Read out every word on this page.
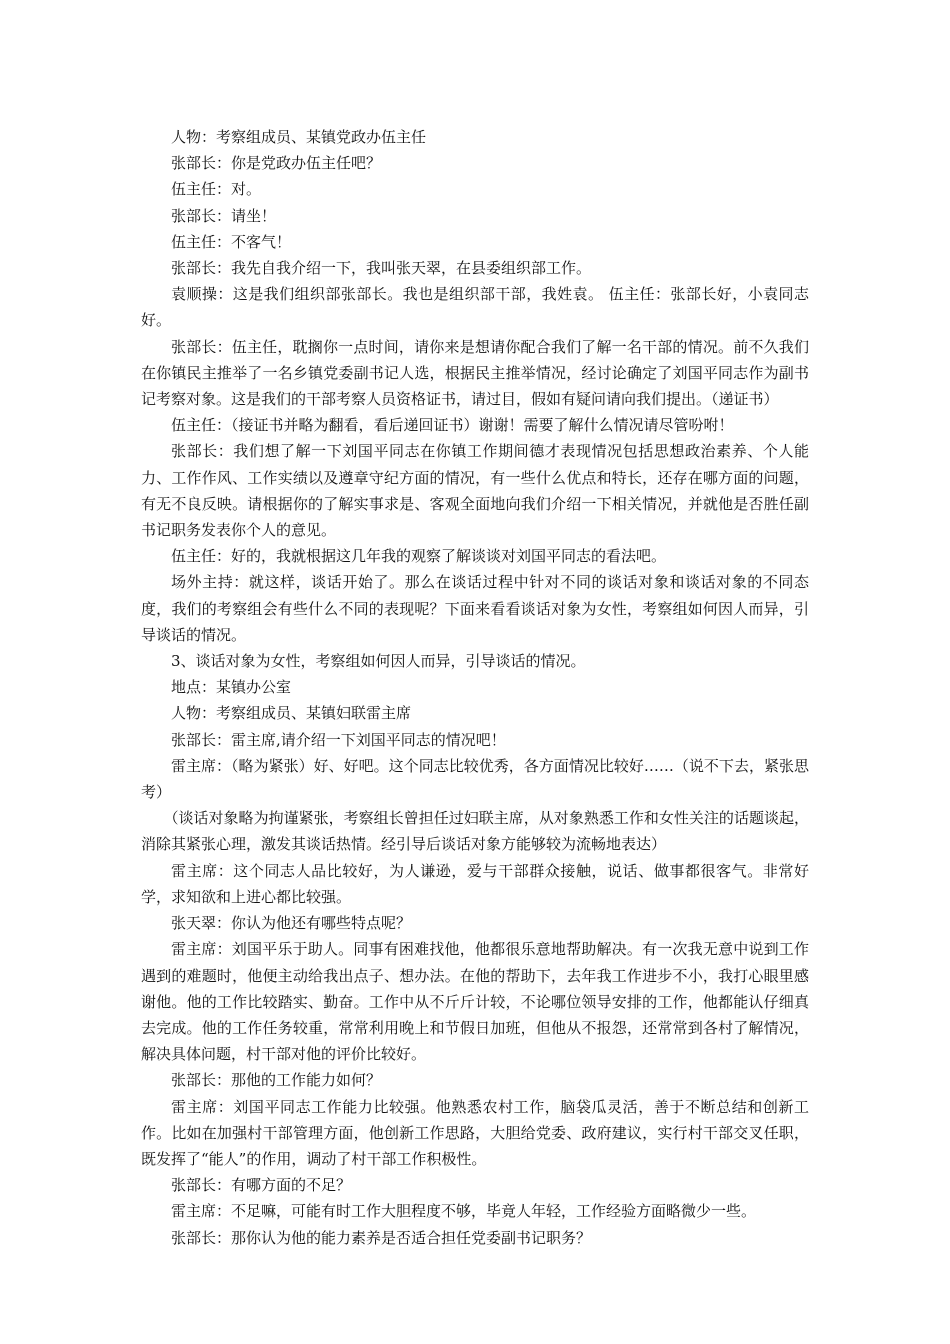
人物：考察组成员、某镇党政办伍主任

张部长：你是党政办伍主任吧？

伍主任：对。

张部长：请坐！

伍主任：不客气！

张部长：我先自我介绍一下，我叫张天翠，在县委组织部工作。

袁顺操：这是我们组织部张部长。我也是组织部干部，我姓袁。 伍主任：张部长好，小袁同志好。

张部长：伍主任，耽搁你一点时间，请你来是想请你配合我们了解一名干部的情况。前不久我们在你镇民主推举了一名乡镇党委副书记人选，根据民主推举情况，经讨论确定了刘国平同志作为副书记考察对象。这是我们的干部考察人员资格证书，请过目，假如有疑问请向我们提出。（递证书）

伍主任：（接证书并略为翻看，看后递回证书）谢谢！需要了解什么情况请尽管吩咐！

张部长：我们想了解一下刘国平同志在你镇工作期间德才表现情况包括思想政治素养、个人能力、工作作风、工作实绩以及遵章守纪方面的情况，有一些什么优点和特长，还存在哪方面的问题，有无不良反映。请根据你的了解实事求是、客观全面地向我们介绍一下相关情况，并就他是否胜任副书记职务发表你个人的意见。

伍主任：好的，我就根据这几年我的观察了解谈谈对刘国平同志的看法吧。

场外主持：就这样，谈话开始了。那么在谈话过程中针对不同的谈话对象和谈话对象的不同态度，我们的考察组会有些什么不同的表现呢？下面来看看谈话对象为女性，考察组如何因人而异，引导谈话的情况。

3、谈话对象为女性，考察组如何因人而异，引导谈话的情况。

地点：某镇办公室

人物：考察组成员、某镇妇联雷主席

张部长：雷主席,请介绍一下刘国平同志的情况吧！

雷主席：（略为紧张）好、好吧。这个同志比较优秀，各方面情况比较好……（说不下去，紧张思考）

（谈话对象略为拘谨紧张，考察组长曾担任过妇联主席，从对象熟悉工作和女性关注的话题谈起，消除其紧张心理，激发其谈话热情。经引导后谈话对象方能够较为流畅地表达）

雷主席：这个同志人品比较好，为人谦逊，爱与干部群众接触，说话、做事都很客气。非常好学，求知欲和上进心都比较强。

张天翠：你认为他还有哪些特点呢？

雷主席：刘国平乐于助人。同事有困难找他，他都很乐意地帮助解决。有一次我无意中说到工作遇到的难题时，他便主动给我出点子、想办法。在他的帮助下，去年我工作进步不小，我打心眼里感谢他。他的工作比较踏实、勤奋。工作中从不斤斤计较，不论哪位领导安排的工作，他都能认仔细真去完成。他的工作任务较重，常常利用晚上和节假日加班，但他从不报怨，还常常到各村了解情况，解决具体问题，村干部对他的评价比较好。

张部长：那他的工作能力如何？

雷主席：刘国平同志工作能力比较强。他熟悉农村工作，脑袋瓜灵活，善于不断总结和创新工作。比如在加强村干部管理方面，他创新工作思路，大胆给党委、政府建议，实行村干部交叉任职，既发挥了“能人”的作用，调动了村干部工作积极性。

张部长：有哪方面的不足？

雷主席：不足嘛，可能有时工作大胆程度不够，毕竟人年轻，工作经验方面略微少一些。

张部长：那你认为他的能力素养是否适合担任党委副书记职务？
